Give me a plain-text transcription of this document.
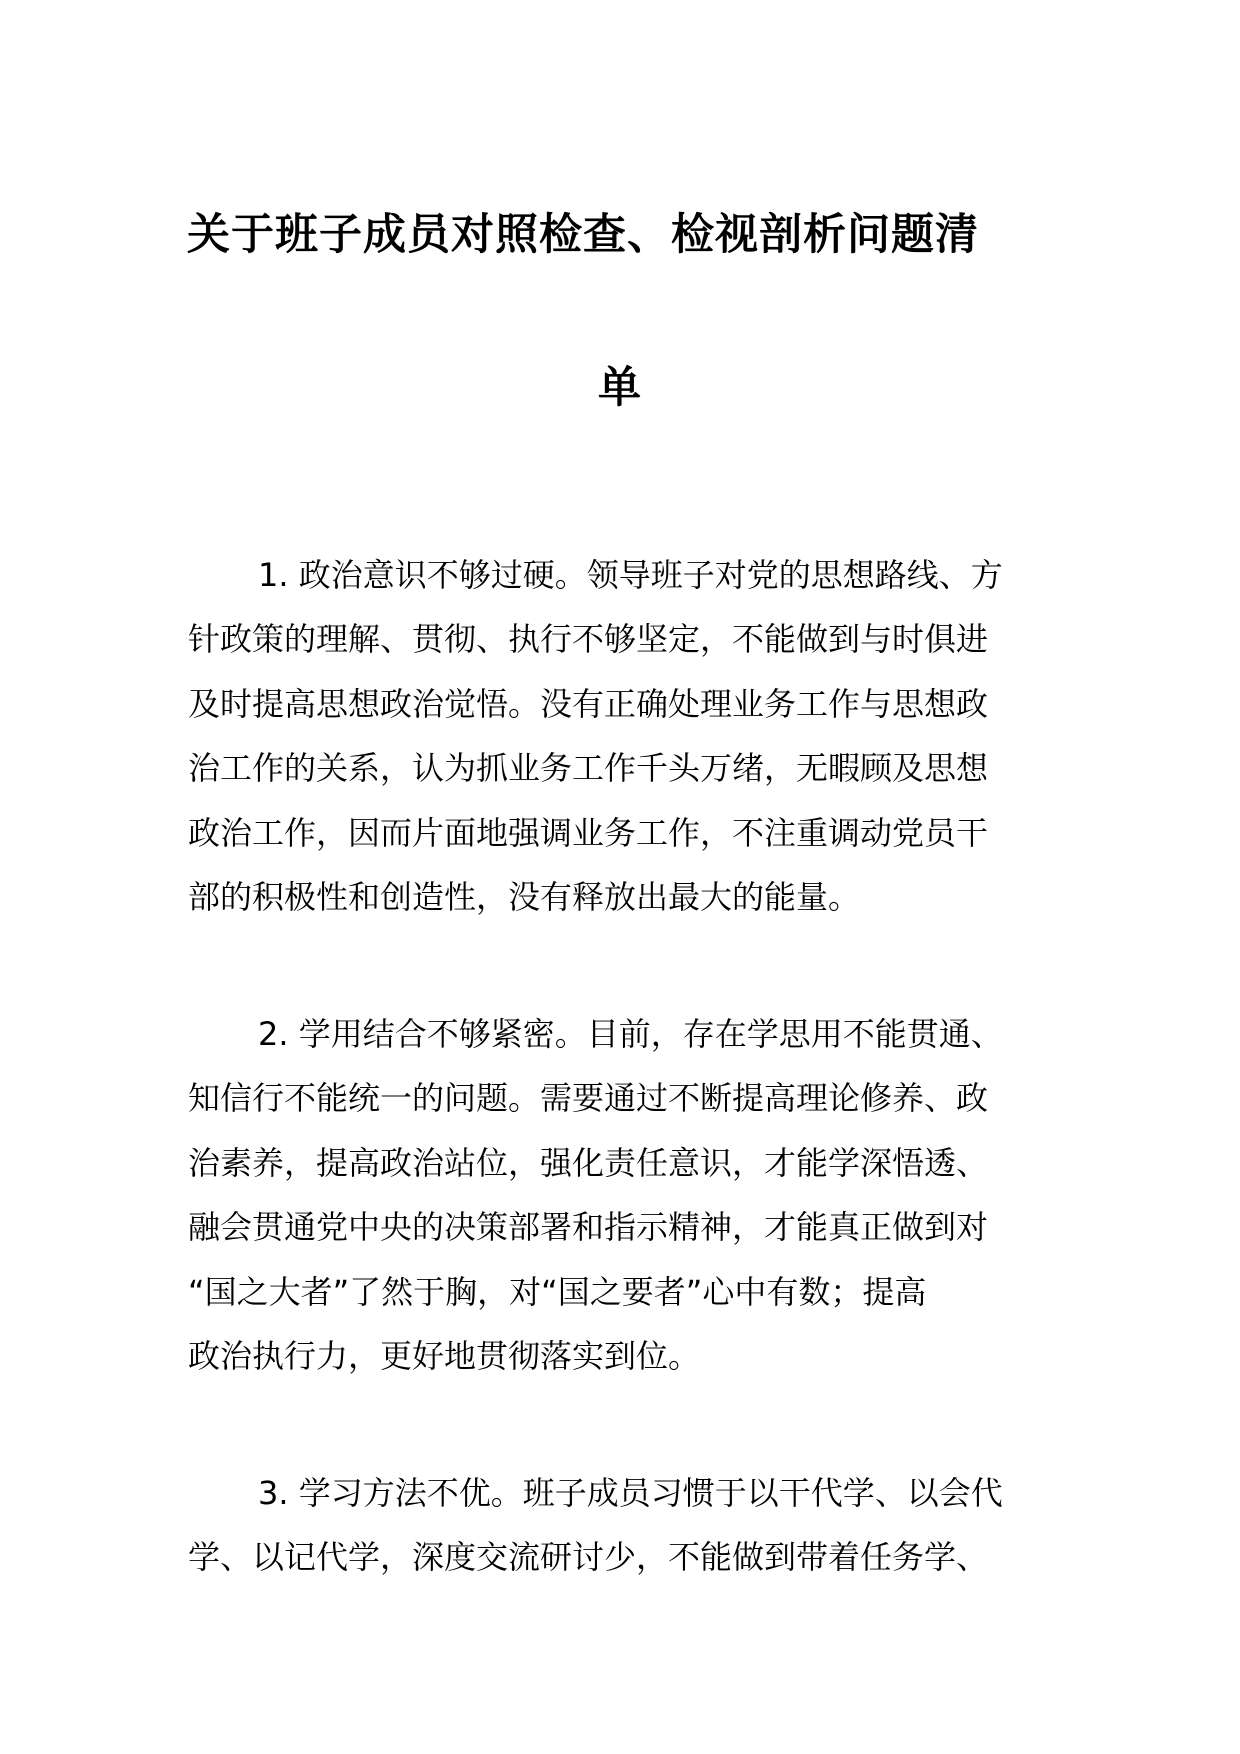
关于班子成员对照检查、检视剖析问题清
单
1. 政治意识不够过硬。领导班子对党的思想路线、方
针政策的理解、贯彻、执行不够坚定，不能做到与时俱进
及时提高思想政治觉悟。没有正确处理业务工作与思想政
治工作的关系，认为抓业务工作千头万绪，无暇顾及思想
政治工作，因而片面地强调业务工作，不注重调动党员干
部的积极性和创造性，没有释放出最大的能量。
2. 学用结合不够紧密。目前，存在学思用不能贯通、
知信行不能统一的问题。需要通过不断提高理论修养、政
治素养，提高政治站位，强化责任意识，才能学深悟透、
融会贯通党中央的决策部署和指示精神，才能真正做到对
“国之大者”了然于胸，对“国之要者”心中有数；提高
政治执行力，更好地贯彻落实到位。
3. 学习方法不优。班子成员习惯于以干代学、以会代
学、以记代学，深度交流研讨少，不能做到带着任务学、
